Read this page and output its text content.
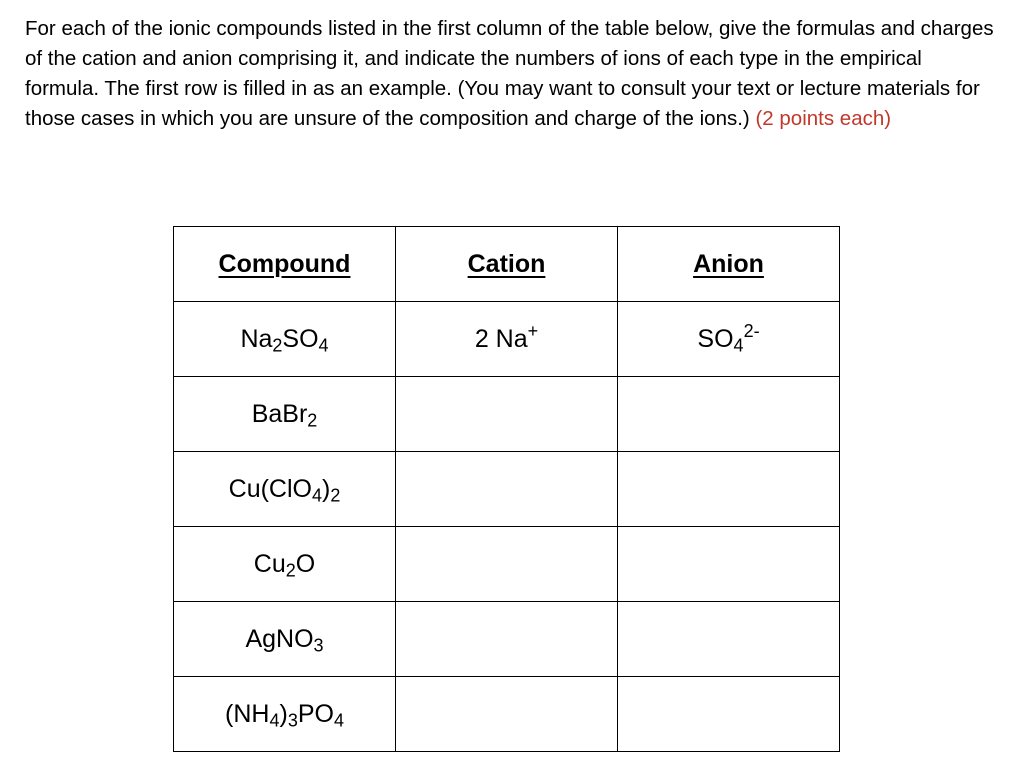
For each of the ionic compounds listed in the first column of the table below, give the formulas and charges of the cation and anion comprising it, and indicate the numbers of ions of each type in the empirical formula. The first row is filled in as an example. (You may want to consult your text or lecture materials for those cases in which you are unsure of the composition and charge of the ions.) (2 points each)

Compound	Cation	Anion
$Na_2SO_4$	2 Na+	$SO_4^{2-}$
BaBr$_2$		
$Cu(ClO_4)_2$		
$Cu_2O$		
AgNO$_3$		
$(NH_4)_3PO_4$		
